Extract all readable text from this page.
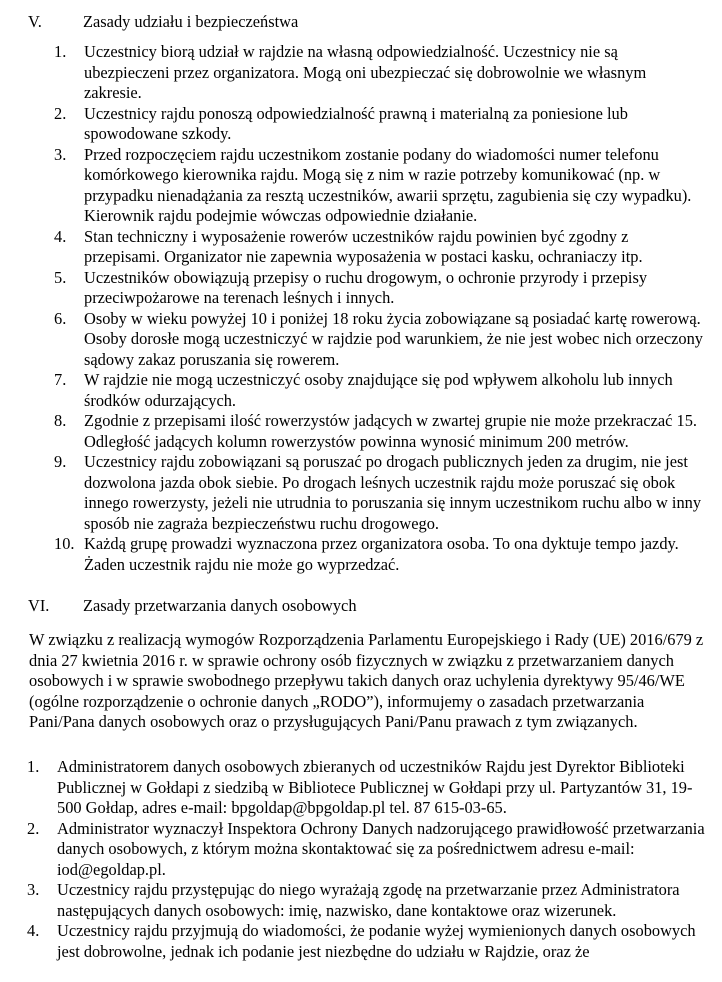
V.	Zasady udziału i bezpieczeństwa
1. Uczestnicy biorą udział w rajdzie na własną odpowiedzialność. Uczestnicy nie są ubezpieczeni przez organizatora. Mogą oni ubezpieczać się dobrowolnie we własnym zakresie.
2. Uczestnicy rajdu ponoszą odpowiedzialność prawną i materialną za poniesione lub spowodowane szkody.
3. Przed rozpoczęciem rajdu uczestnikom zostanie podany do wiadomości numer telefonu komórkowego kierownika rajdu. Mogą się z nim w razie potrzeby komunikować (np. w przypadku nienadążania za resztą uczestników, awarii sprzętu, zagubienia się czy wypadku). Kierownik rajdu podejmie wówczas odpowiednie działanie.
4. Stan techniczny i wyposażenie rowerów uczestników rajdu powinien być zgodny z przepisami. Organizator nie zapewnia wyposażenia w postaci kasku, ochraniaczy itp.
5. Uczestników obowiązują przepisy o ruchu drogowym, o ochronie przyrody i przepisy przeciwpożarowe na terenach leśnych i innych.
6. Osoby w wieku powyżej 10 i poniżej 18 roku życia zobowiązane są posiadać kartę rowerową. Osoby dorosłe mogą uczestniczyć w rajdzie pod warunkiem, że nie jest wobec nich orzeczony sądowy zakaz poruszania się rowerem.
7. W rajdzie nie mogą uczestniczyć osoby znajdujące się pod wpływem alkoholu lub innych środków odurzających.
8. Zgodnie z przepisami ilość rowerzystów jadących w zwartej grupie nie może przekraczać 15. Odległość jadących kolumn rowerzystów powinna wynosić minimum 200 metrów.
9. Uczestnicy rajdu zobowiązani są poruszać po drogach publicznych jeden za drugim, nie jest dozwolona jazda obok siebie. Po drogach leśnych uczestnik rajdu może poruszać się obok innego rowerzysty, jeżeli nie utrudnia to poruszania się innym uczestnikom ruchu albo w inny sposób nie zagraża bezpieczeństwu ruchu drogowego.
10. Każdą grupę prowadzi wyznaczona przez organizatora osoba. To ona dyktuje tempo jazdy. Żaden uczestnik rajdu nie może go wyprzedzać.
VI. Zasady przetwarzania danych osobowych

W związku z realizacją wymogów Rozporządzenia Parlamentu Europejskiego i Rady (UE) 2016/679 z dnia 27 kwietnia 2016 r. w sprawie ochrony osób fizycznych w związku z przetwarzaniem danych osobowych i w sprawie swobodnego przepływu takich danych oraz uchylenia dyrektywy 95/46/WE (ogólne rozporządzenie o ochronie danych „RODO”), informujemy o zasadach przetwarzania Pani/Pana danych osobowych oraz o przysługujących Pani/Panu prawach z tym związanych.

1. Administratorem danych osobowych zbieranych od uczestników Rajdu jest Dyrektor Biblioteki Publicznej w Gołdapi z siedzibą w Bibliotece Publicznej w Gołdapi przy ul. Partyzantów 31, 19-500 Gołdap, adres e-mail: bpgoldap@bpgoldap.pl tel. 87 615-03-65.
2. Administrator wyznaczył Inspektora Ochrony Danych nadzorującego prawidłowość przetwarzania danych osobowych, z którym można skontaktować się za pośrednictwem adresu e-mail: iod@egoldap.pl.
3. Uczestnicy rajdu przystępując do niego wyrażają zgodę na przetwarzanie przez Administratora następujących danych osobowych: imię, nazwisko, dane kontaktowe oraz wizerunek.
4. Uczestnicy rajdu przyjmują do wiadomości, że podanie wyżej wymienionych danych osobowych jest dobrowolne, jednak ich podanie jest niezbędne do udziału w Rajdzie, oraz że
